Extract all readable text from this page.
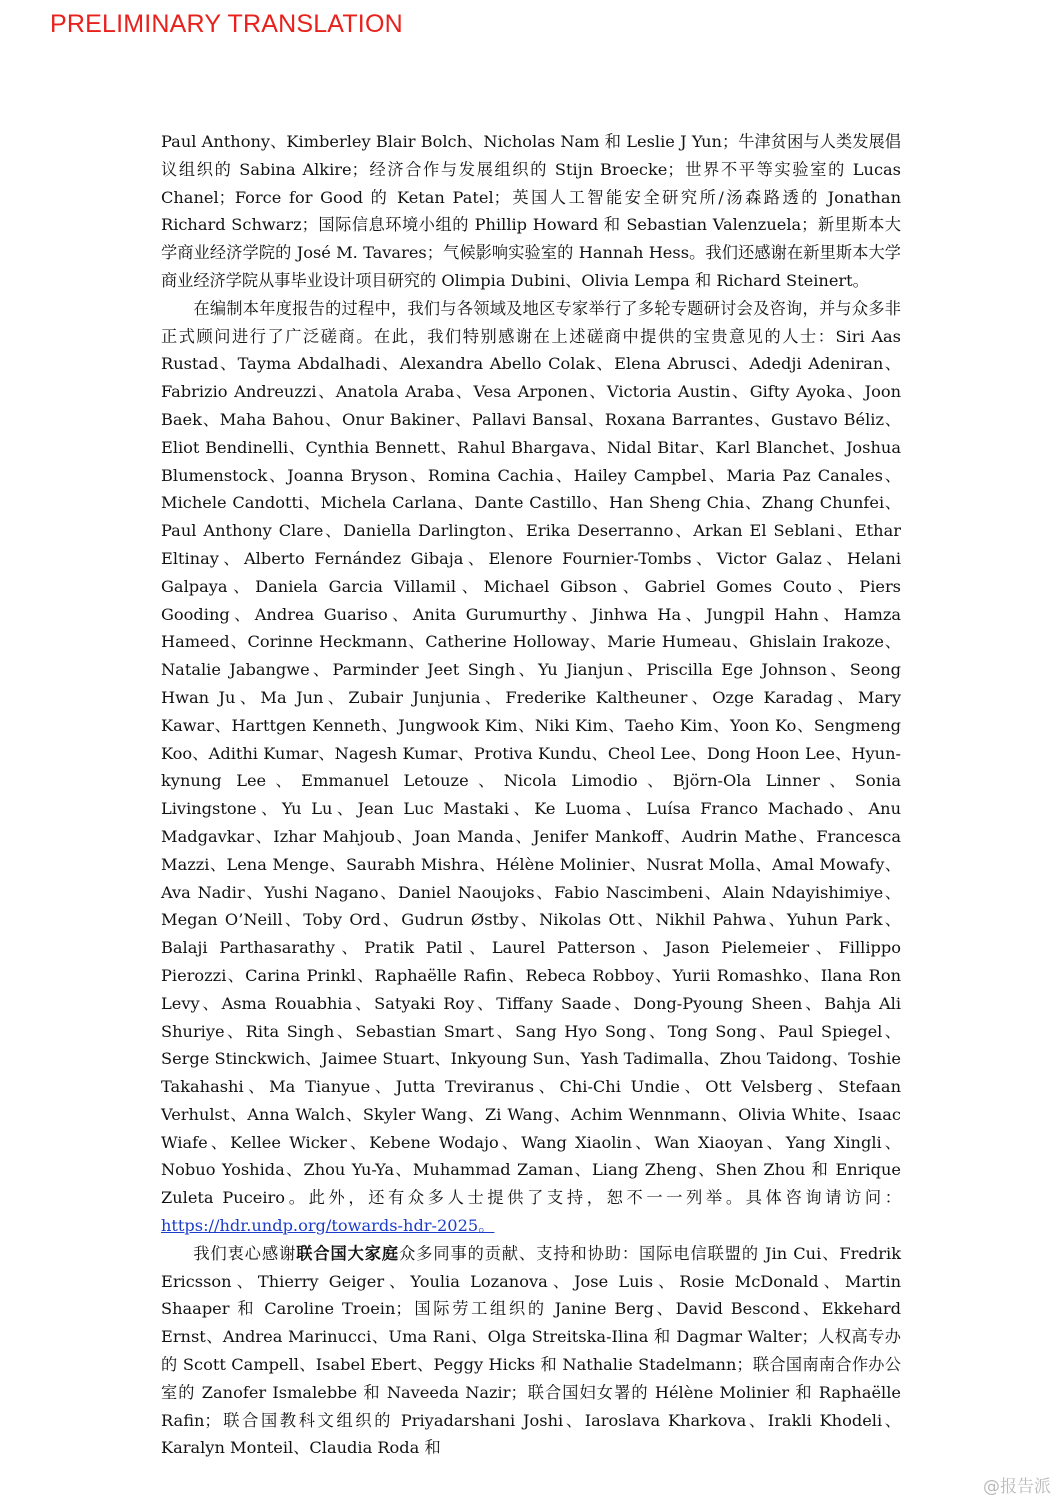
PRELIMINARY TRANSLATION

Paul Anthony、Kimberley Blair Bolch、Nicholas Nam 和 Leslie J Yun；牛津贫困与人类发展倡议组织的 Sabina Alkire；经济合作与发展组织的 Stijn Broecke；世界不平等实验室的 Lucas Chanel；Force for Good 的 Ketan Patel；英国人工智能安全研究所/汤森路透的 Jonathan Richard Schwarz；国际信息环境小组的 Phillip Howard 和 Sebastian Valenzuela；新里斯本大学商业经济学院的 José M. Tavares；气候影响实验室的 Hannah Hess。我们还感谢在新里斯本大学商业经济学院从事毕业设计项目研究的 Olimpia Dubini、Olivia Lempa 和 Richard Steinert。

在编制本年度报告的过程中，我们与各领域及地区专家举行了多轮专题研讨会及咨询，并与众多非正式顾问进行了广泛磋商。在此，我们特别感谢在上述磋商中提供的宝贵意见的人士：Siri Aas Rustad、Tayma Abdalhadi、Alexandra Abello Colak、Elena Abrusci、Adedji Adeniran、Fabrizio Andreuzzi、Anatola Araba、Vesa Arponen、Victoria Austin、Gifty Ayoka、Joon Baek、Maha Bahou、Onur Bakiner、Pallavi Bansal、Roxana Barrantes、Gustavo Béliz、Eliot Bendinelli、Cynthia Bennett、Rahul Bhargava、Nidal Bitar、Karl Blanchet、Joshua Blumenstock、Joanna Bryson、Romina Cachia、Hailey Campbel、Maria Paz Canales、Michele Candotti、Michela Carlana、Dante Castillo、Han Sheng Chia、Zhang Chunfei、Paul Anthony Clare、Daniella Darlington、Erika Deserranno、Arkan El Seblani、Ethar Eltinay、Alberto Fernández Gibaja、Elenore Fournier-Tombs、Victor Galaz、Helani Galpaya、Daniela Garcia Villamil、Michael Gibson、Gabriel Gomes Couto、Piers Gooding、Andrea Guariso、Anita Gurumurthy、Jinhwa Ha、Jungpil Hahn、Hamza Hameed、Corinne Heckmann、Catherine Holloway、Marie Humeau、Ghislain Irakoze、Natalie Jabangwe、Parminder Jeet Singh、Yu Jianjun、Priscilla Ege Johnson、Seong Hwan Ju、Ma Jun、Zubair Junjunia、Frederike Kaltheuner、Ozge Karadag、Mary Kawar、Harttgen Kenneth、Jungwook Kim、Niki Kim、Taeho Kim、Yoon Ko、Sengmeng Koo、Adithi Kumar、Nagesh Kumar、Protiva Kundu、Cheol Lee、Dong Hoon Lee、Hyun-kynung Lee、Emmanuel Letouze、Nicola Limodio、Björn-Ola Linner、Sonia Livingstone、Yu Lu、Jean Luc Mastaki、Ke Luoma、Luísa Franco Machado、Anu Madgavkar、Izhar Mahjoub、Joan Manda、Jenifer Mankoff、Audrin Mathe、Francesca Mazzi、Lena Menge、Saurabh Mishra、Hélène Molinier、Nusrat Molla、Amal Mowafy、Ava Nadir、Yushi Nagano、Daniel Naoujoks、Fabio Nascimbeni、Alain Ndayishimiye、Megan O’Neill、Toby Ord、Gudrun Østby、Nikolas Ott、Nikhil Pahwa、Yuhun Park、Balaji Parthasarathy、Pratik Patil、Laurel Patterson、Jason Pielemeier、Fillippo Pierozzi、Carina Prinkl、Raphaëlle Rafin、Rebeca Robboy、Yurii Romashko、Ilana Ron Levy、Asma Rouabhia、Satyaki Roy、Tiffany Saade、Dong-Pyoung Sheen、Bahja Ali Shuriye、Rita Singh、Sebastian Smart、Sang Hyo Song、Tong Song、Paul Spiegel、Serge Stinckwich、Jaimee Stuart、Inkyoung Sun、Yash Tadimalla、Zhou Taidong、Toshie Takahashi、Ma Tianyue、Jutta Treviranus、Chi-Chi Undie、Ott Velsberg、Stefaan Verhulst、Anna Walch、Skyler Wang、Zi Wang、Achim Wennmann、Olivia White、Isaac Wiafe、Kellee Wicker、Kebene Wodajo、Wang Xiaolin、Wan Xiaoyan、Yang Xingli、Nobuo Yoshida、Zhou Yu-Ya、Muhammad Zaman、Liang Zheng、Shen Zhou 和 Enrique Zuleta Puceiro。此外，还有众多人士提供了支持，恕不一一列举。具体咨询请访问：https://hdr.undp.org/towards-hdr-2025。

我们衷心感谢联合国大家庭众多同事的贡献、支持和协助：国际电信联盟的 Jin Cui、Fredrik Ericsson、Thierry Geiger、Youlia Lozanova、Jose Luis、Rosie McDonald、Martin Shaaper 和 Caroline Troein；国际劳工组织的 Janine Berg、David Bescond、Ekkehard Ernst、Andrea Marinucci、Uma Rani、Olga Streitska-Ilina 和 Dagmar Walter；人权高专办的 Scott Campell、Isabel Ebert、Peggy Hicks 和 Nathalie Stadelmann；联合国南南合作办公室的 Zanofer Ismalebbe 和 Naveeda Nazir；联合国妇女署的 Hélène Molinier 和 Raphaëlle Rafin；联合国教科文组织的 Priyadarshani Joshi、Iaroslava Kharkova、Irakli Khodeli、Karalyn Monteil、Claudia Roda 和

@报告派
